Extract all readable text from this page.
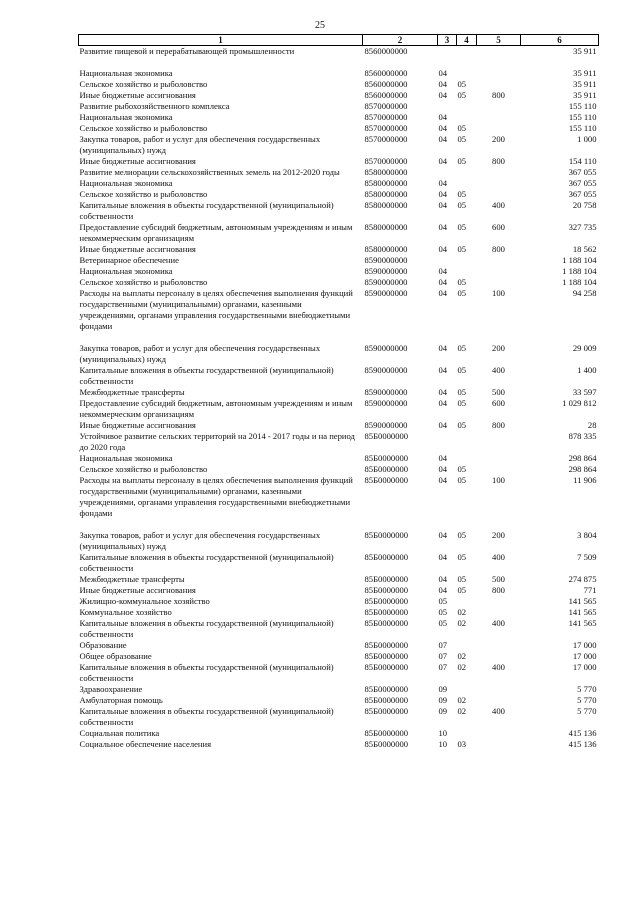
25
1	2	3	4	5	6
Развитие пищевой и перерабатывающей промышленности	8560000000				35 911

Национальная экономика	8560000000	04			35 911
Сельское хозяйство и рыболовство	8560000000	04	05		35 911
Иные бюджетные ассигнования	8560000000	04	05	800	35 911
Развитие рыбохозяйственного комплекса	8570000000				155 110
Национальная экономика	8570000000	04			155 110
Сельское хозяйство и рыболовство	8570000000	04	05		155 110
Закупка товаров, работ и услуг для обеспечения государственных (муниципальных) нужд	8570000000	04	05	200	1 000
Иные бюджетные ассигнования	8570000000	04	05	800	154 110
Развитие мелиорации сельскохозяйственных земель на 2012-2020 годы	8580000000				367 055
Национальная экономика	8580000000	04			367 055
Сельское хозяйство и рыболовство	8580000000	04	05		367 055
Капитальные вложения в объекты государственной (муниципальной) собственности	8580000000	04	05	400	20 758
Предоставление субсидий бюджетным, автономным учреждениям и иным некоммерческим организациям	8580000000	04	05	600	327 735
Иные бюджетные ассигнования	8580000000	04	05	800	18 562
Ветеринарное обеспечение	8590000000				1 188 104
Национальная экономика	8590000000	04			1 188 104
Сельское хозяйство и рыболовство	8590000000	04	05		1 188 104
Расходы на выплаты персоналу в целях обеспечения выполнения функций государственными (муниципальными) органами, казенными учреждениями, органами управления государственными внебюджетными фондами	8590000000	04	05	100	94 258

Закупка товаров, работ и услуг для обеспечения государственных (муниципальных) нужд	8590000000	04	05	200	29 009
Капитальные вложения в объекты государственной (муниципальной) собственности	8590000000	04	05	400	1 400
Межбюджетные трансферты	8590000000	04	05	500	33 597
Предоставление субсидий бюджетным, автономным учреждениям и иным некоммерческим организациям	8590000000	04	05	600	1 029 812
Иные бюджетные ассигнования	8590000000	04	05	800	28
Устойчивое развитие сельских территорий на 2014 - 2017 годы и на период до 2020 года	85Б0000000				878 335
Национальная экономика	85Б0000000	04			298 864
Сельское хозяйство и рыболовство	85Б0000000	04	05		298 864
Расходы на выплаты персоналу в целях обеспечения выполнения функций государственными (муниципальными) органами, казенными учреждениями, органами управления государственными внебюджетными фондами	85Б0000000	04	05	100	11 906

Закупка товаров, работ и услуг для обеспечения государственных (муниципальных) нужд	85Б0000000	04	05	200	3 804
Капитальные вложения в объекты государственной (муниципальной) собственности	85Б0000000	04	05	400	7 509
Межбюджетные трансферты	85Б0000000	04	05	500	274 875
Иные бюджетные ассигнования	85Б0000000	04	05	800	771
Жилищно-коммунальное хозяйство	85Б0000000	05			141 565
Коммунальное хозяйство	85Б0000000	05	02		141 565
Капитальные вложения в объекты государственной (муниципальной) собственности	85Б0000000	05	02	400	141 565
Образование	85Б0000000	07			17 000
Общее образование	85Б0000000	07	02		17 000
Капитальные вложения в объекты государственной (муниципальной) собственности	85Б0000000	07	02	400	17 000
Здравоохранение	85Б0000000	09			5 770
Амбулаторная помощь	85Б0000000	09	02		5 770
Капитальные вложения в объекты государственной (муниципальной) собственности	85Б0000000	09	02	400	5 770
Социальная политика	85Б0000000	10			415 136
Социальное обеспечение населения	85Б0000000	10	03		415 136
